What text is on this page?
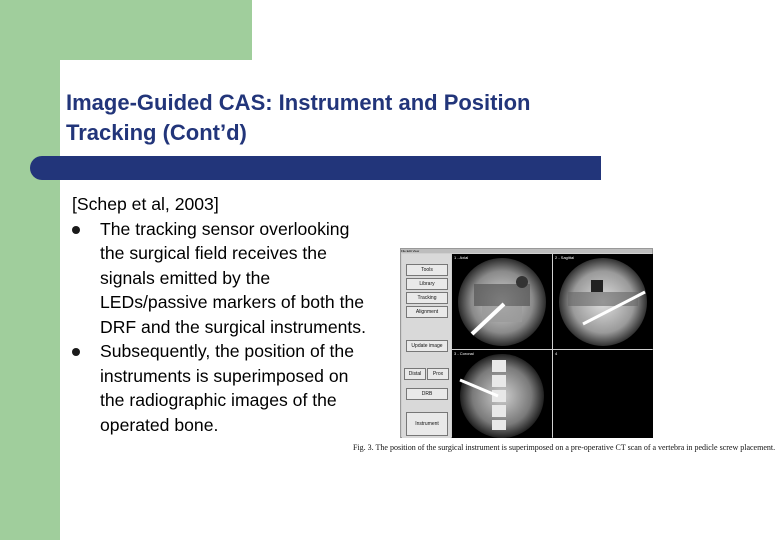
Image-Guided CAS: Instrument and Position
Tracking (Cont’d)

[Schep et al, 2003]

The tracking sensor overlooking the surgical field receives the signals emitted by the LEDs/passive markers of both the DRF and the surgical instruments.
Subsequently, the position of the instruments is superimposed on the radiographic images of the operated bone.
File Edit View
Tools
Library
Tracking
Alignment
Update image
Distal	Prox
DRB
Instrument
1 - Axial	2 - Sagittal
3 - Coronal	4
Fig. 3. The position of the surgical instrument is superimposed on a pre-operative CT scan of a vertebra in pedicle screw placement.
